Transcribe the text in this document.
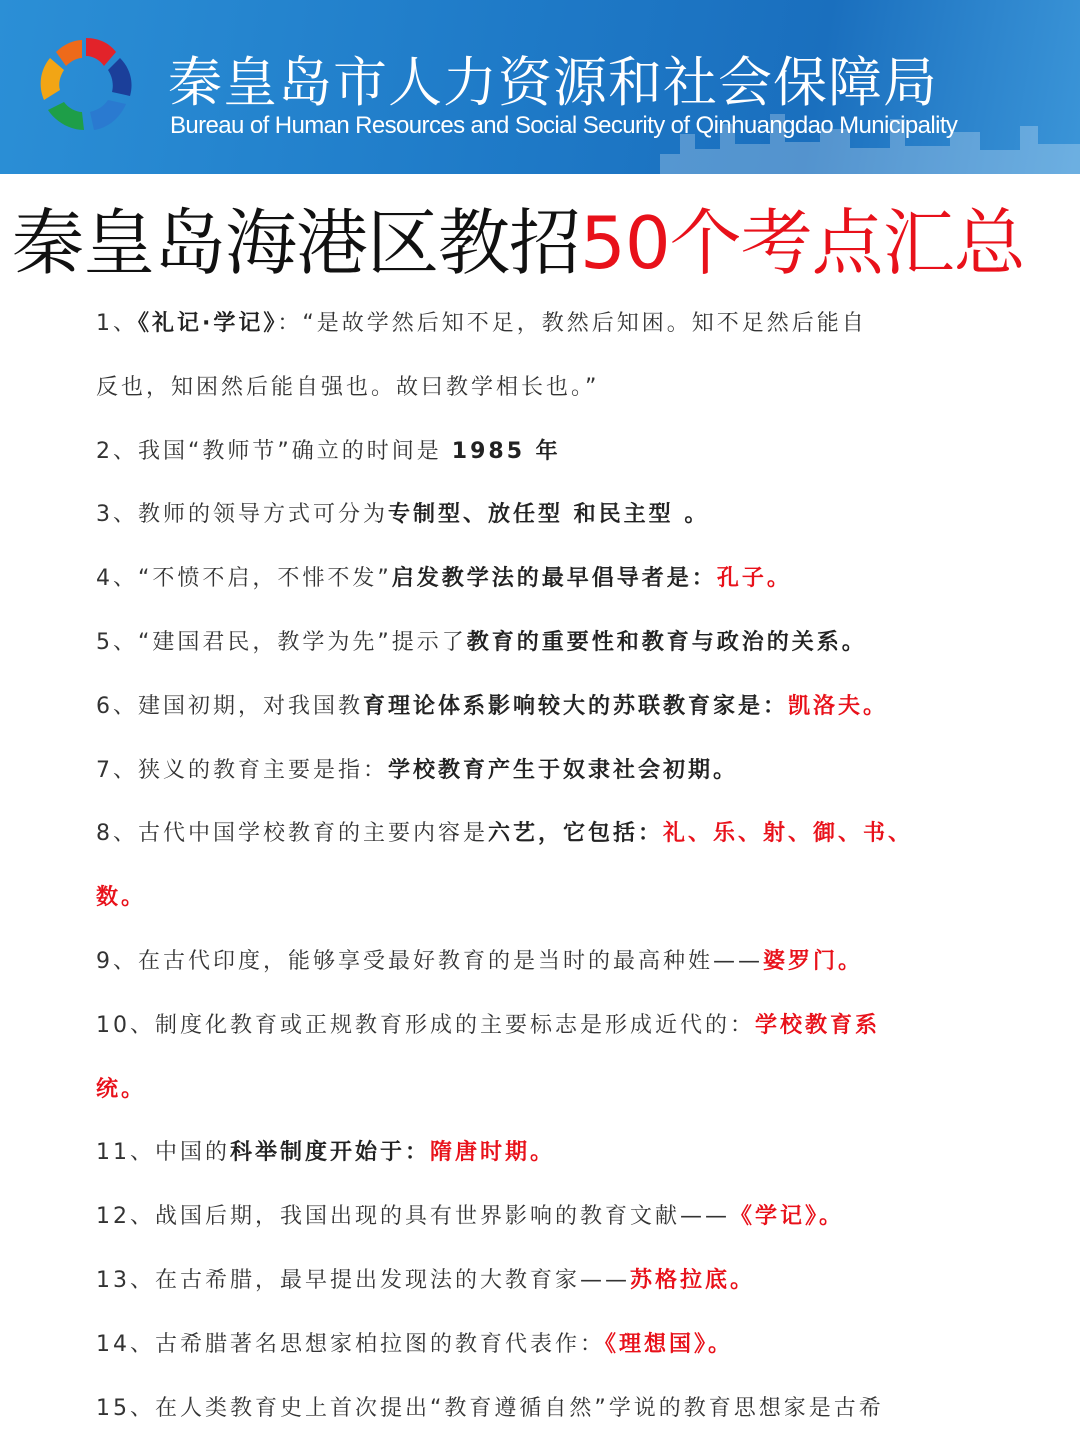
秦皇岛市人力资源和社会保障局
Bureau of Human Resources and Social Security of Qinhuangdao Municipality
秦皇岛海港区教招50个考点汇总
1、《礼记·学记》：“是故学然后知不足，教然后知困。知不足然后能自
反也，知困然后能自强也。故曰教学相长也。”
2、我国“教师节”确立的时间是 1985 年
3、教师的领导方式可分为专制型、放任型 和民主型 。
4、“不愤不启，不悱不发”启发教学法的最早倡导者是：孔子。
5、“建国君民，教学为先”提示了教育的重要性和教育与政治的关系。
6、建国初期，对我国教育理论体系影响较大的苏联教育家是：凯洛夫。
7、狭义的教育主要是指：学校教育产生于奴隶社会初期。
8、古代中国学校教育的主要内容是六艺，它包括：礼、乐、射、御、书、
数。
9、在古代印度，能够享受最好教育的是当时的最高种姓——婆罗门。
10、制度化教育或正规教育形成的主要标志是形成近代的：学校教育系
统。
11、中国的科举制度开始于：隋唐时期。
12、战国后期，我国出现的具有世界影响的教育文献——《学记》。
13、在古希腊，最早提出发现法的大教育家——苏格拉底。
14、古希腊著名思想家柏拉图的教育代表作：《理想国》。
15、在人类教育史上首次提出“教育遵循自然”学说的教育思想家是古希
